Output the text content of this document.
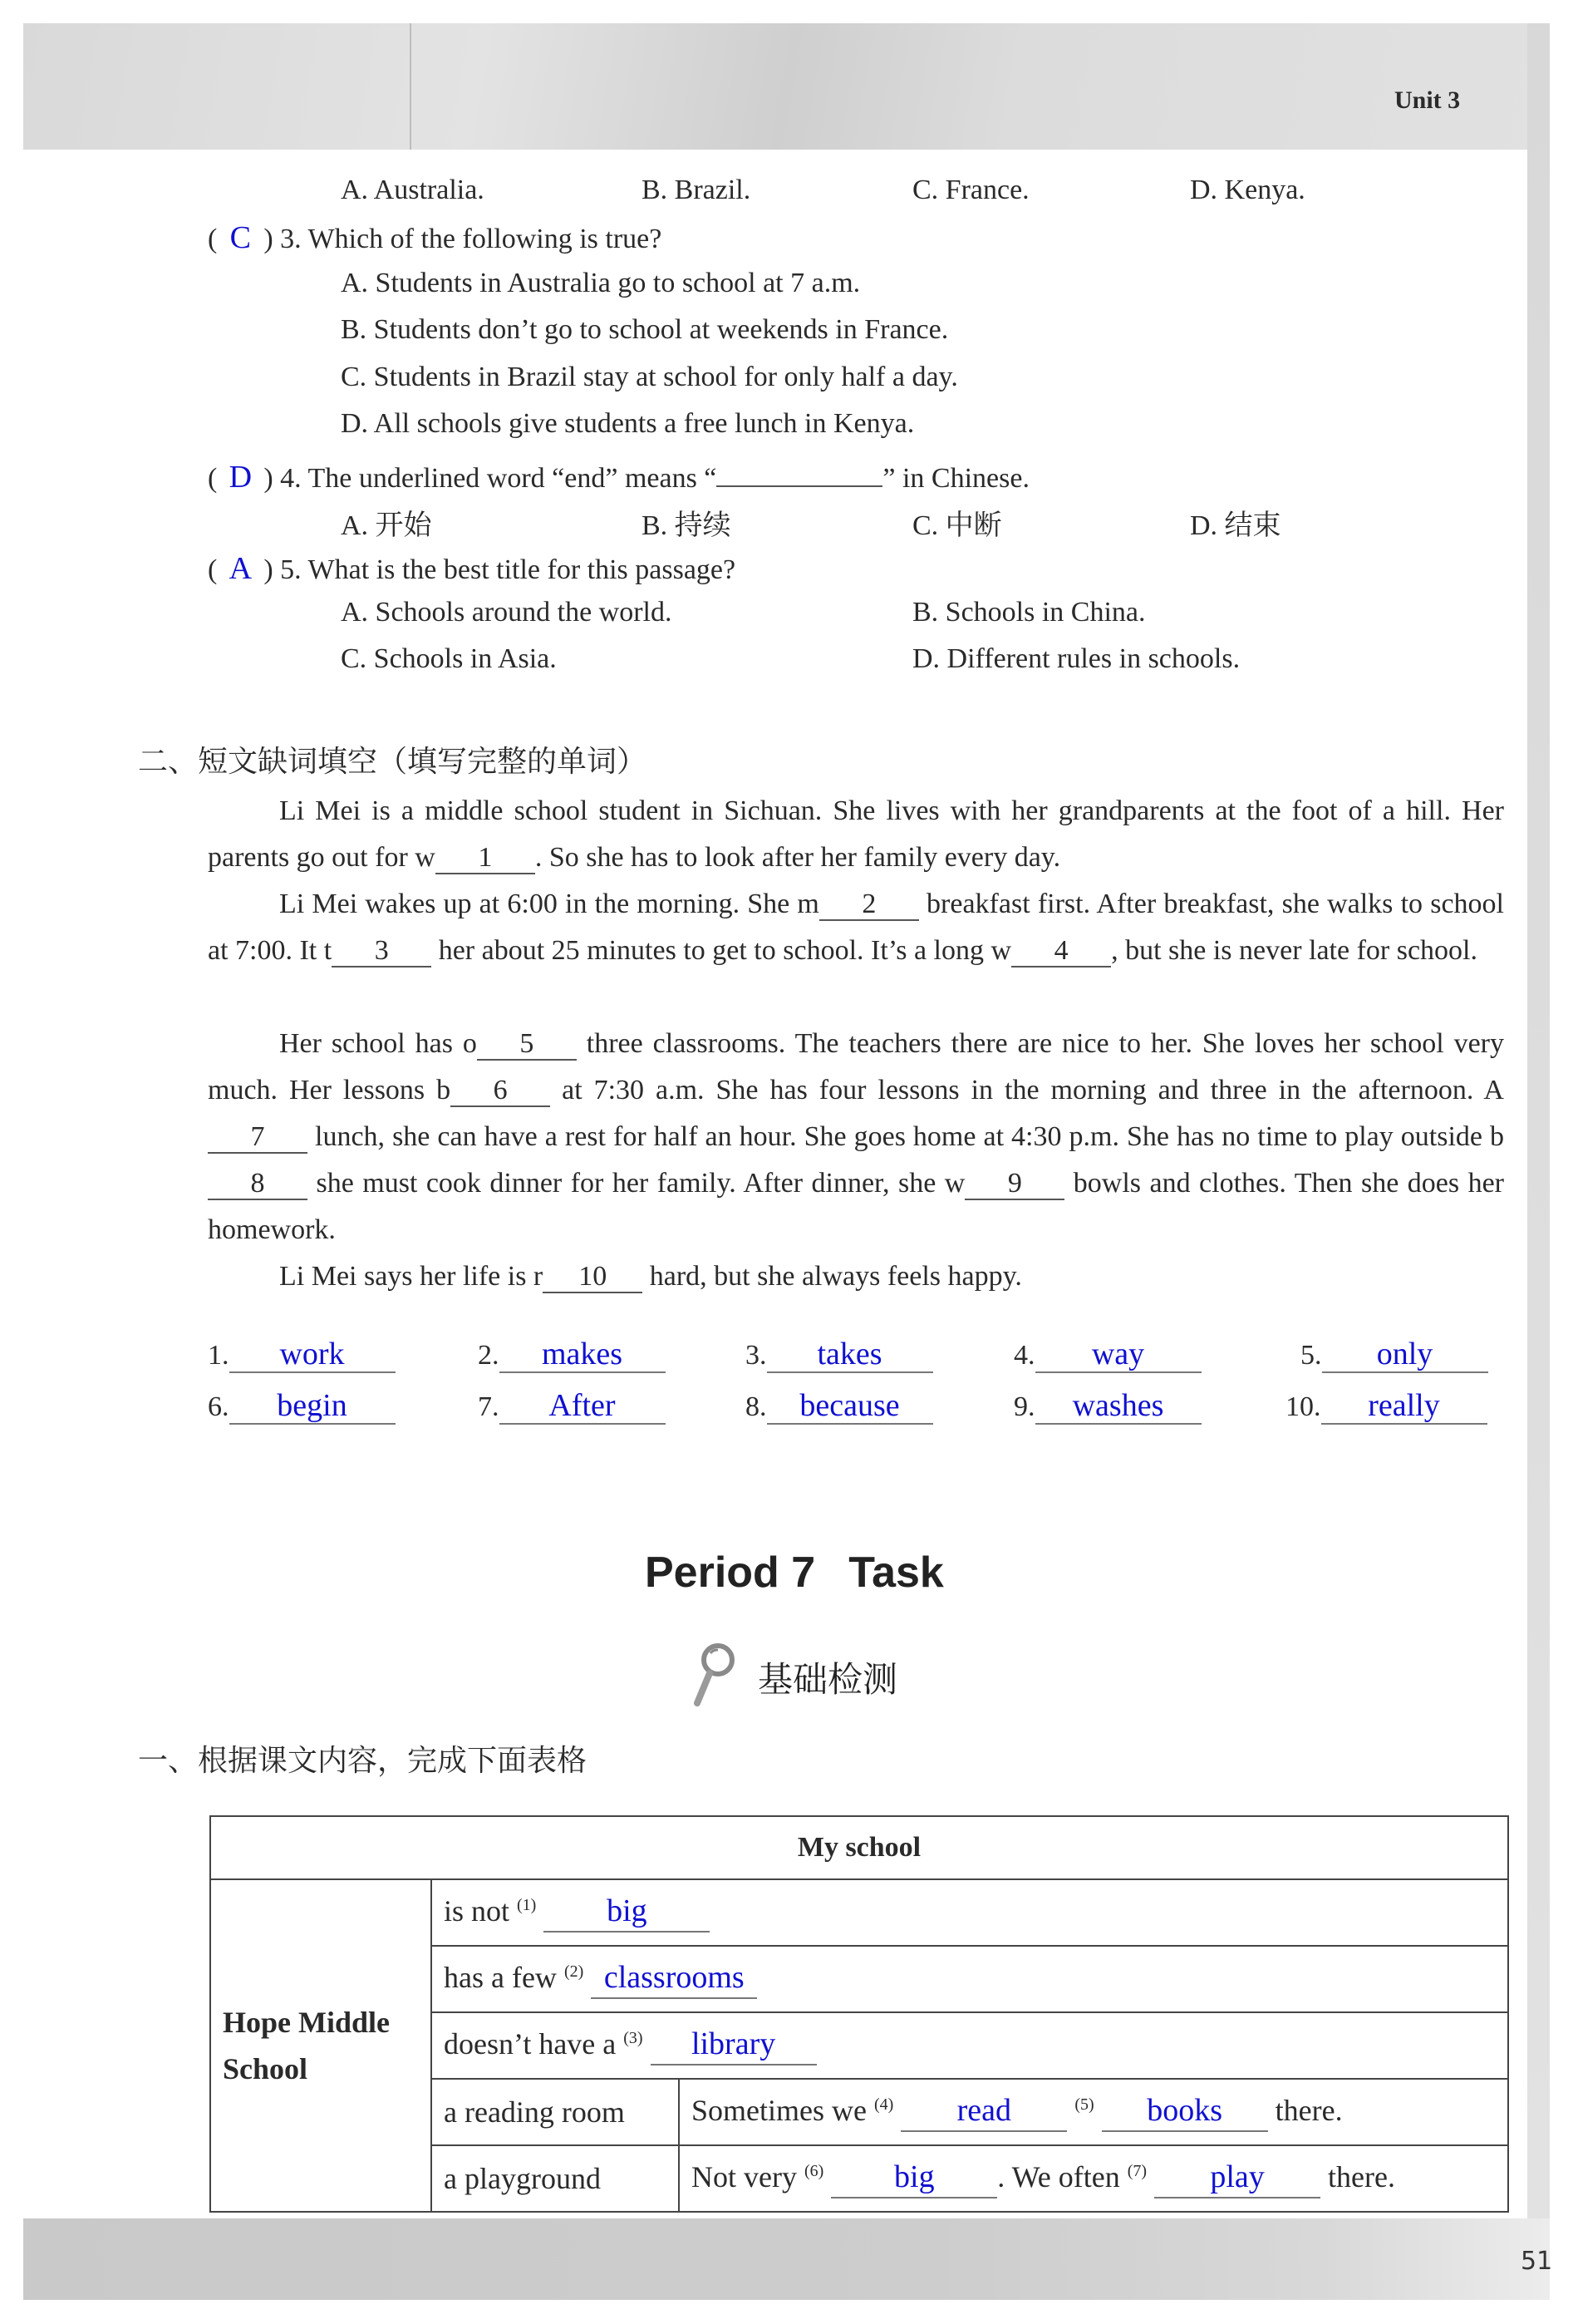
Unit 3
51
A. Australia.	B. Brazil.	C. France.	D. Kenya.
( C ) 3. Which of the following is true?
A. Students in Australia go to school at 7 a.m.
B. Students don’t go to school at weekends in France.
C. Students in Brazil stay at school for only half a day.
D. All schools give students a free lunch in Kenya.
( D ) 4. The underlined word “end” means “	” in Chinese.
A. 开始	B. 持续	C. 中断	D. 结束
( A ) 5. What is the best title for this passage?
A. Schools around the world.	B. Schools in China.
C. Schools in Asia.	D. Different rules in schools.
二、短文缺词填空（填写完整的单词）
Li Mei is a middle school student in Sichuan. She lives with her grandparents at the foot of a hill. Her parents go out for w 1 . So she has to look after her family every day.
Li Mei wakes up at 6:00 in the morning. She m 2 breakfast first. After breakfast, she walks to school at 7:00. It t 3 her about 25 minutes to get to school. It’s a long w 4 , but she is never late for school.
Her school has o 5 three classrooms. The teachers there are nice to her. She loves her school very much. Her lessons b 6 at 7:30 a.m. She has four lessons in the morning and three in the afternoon. A7 lunch, she can have a rest for half an hour. She goes home at 4:30 p.m. She has no time to play outside b8 she must cook dinner for her family. After dinner, she w 9 bowls and clothes. Then she does her homework.
Li Mei says her life is r 10 hard, but she always feels happy.
1. work	2. makes	3. takes	4. way	5. only
6. begin	7. After	8. because	9. washes	10. really
Period 7 Task
基础检测
一、根据课文内容，完成下面表格
My school		
Hope Middle School	is not $^{(1)}$ big	
	has a few $^{(2)}$ classrooms	
	doesn’t have a $^{(3)}$ library	
	a reading room	Sometimes we $^{(4)}$ read $^{(5)}$ books there.
	a playground	Not very $^{(6)}$ big . We often $^{(7)}$ play there.
